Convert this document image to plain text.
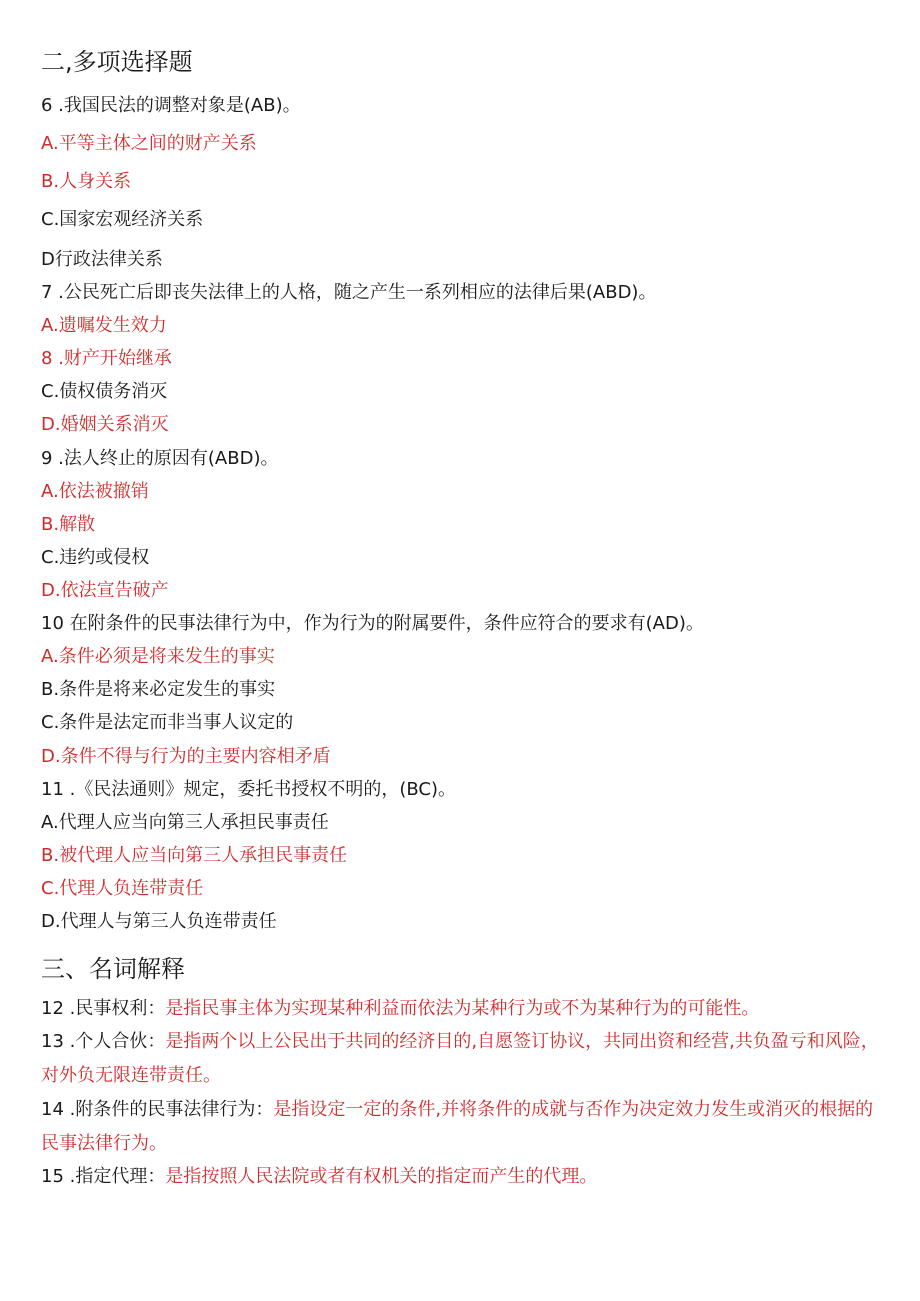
二,多项选择题
6 .我国民法的调整对象是(AB)。
A.平等主体之间的财产关系
B.人身关系
C.国家宏观经济关系
D行政法律关系
7 .公民死亡后即丧失法律上的人格，随之产生一系列相应的法律后果(ABD)。
A.遗嘱发生效力
8 .财产开始继承
C.债权债务消灭
D.婚姻关系消灭
9 .法人终止的原因有(ABD)。
A.依法被撤销
B.解散
C.违约或侵权
D.依法宣告破产
10 在附条件的民事法律行为中，作为行为的附属要件，条件应符合的要求有(AD)。
A.条件必须是将来发生的事实
B.条件是将来必定发生的事实
C.条件是法定而非当事人议定的
D.条件不得与行为的主要内容相矛盾
11 .《民法通则》规定，委托书授权不明的，(BC)。
A.代理人应当向第三人承担民事责任
B.被代理人应当向第三人承担民事责任
C.代理人负连带责任
D.代理人与第三人负连带责任
三、名词解释
12 .民事权利：是指民事主体为实现某种利益而依法为某种行为或不为某种行为的可能性。
13 .个人合伙：是指两个以上公民出于共同的经济目的,自愿签订协议，共同出资和经营,共负盈亏和风险，对外负无限连带责任。
14 .附条件的民事法律行为：是指设定一定的条件,并将条件的成就与否作为决定效力发生或消灭的根据的民事法律行为。
15 .指定代理：是指按照人民法院或者有权机关的指定而产生的代理。
